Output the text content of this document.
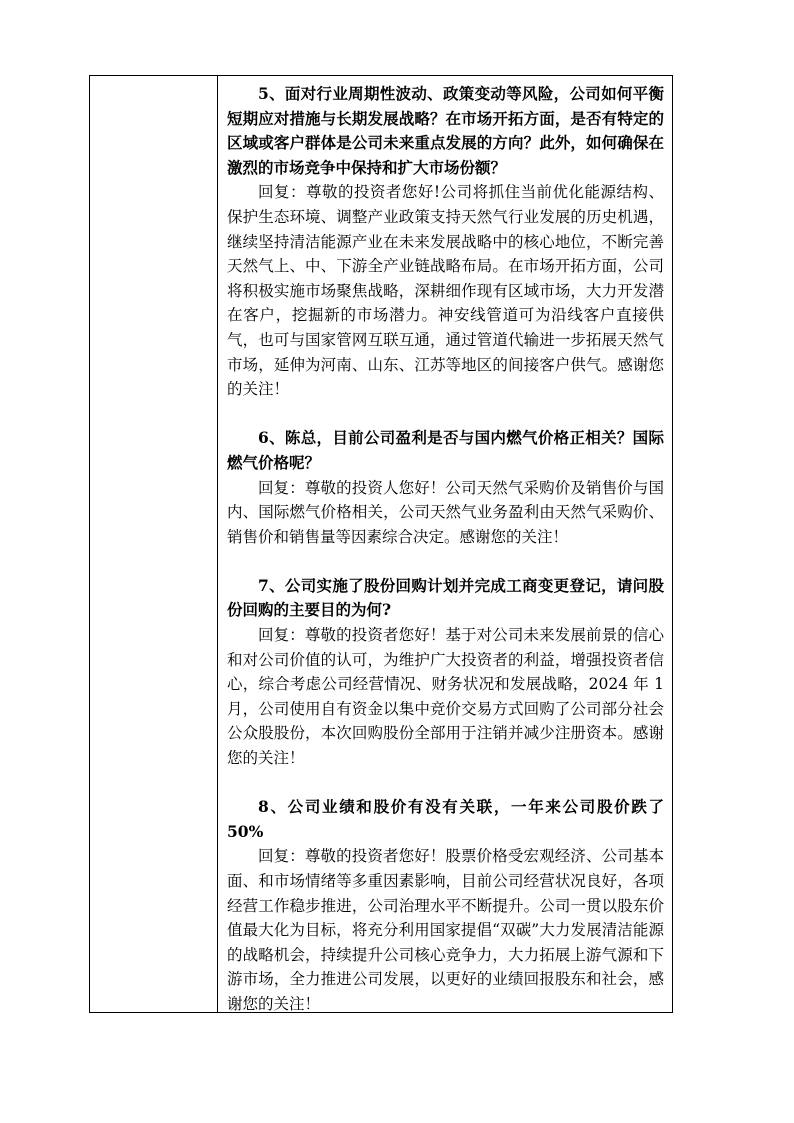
5、面对行业周期性波动、政策变动等风险，公司如何平衡短期应对措施与长期发展战略？在市场开拓方面，是否有特定的区域或客户群体是公司未来重点发展的方向？此外，如何确保在激烈的市场竞争中保持和扩大市场份额？

回复：尊敬的投资者您好!公司将抓住当前优化能源结构、保护生态环境、调整产业政策支持天然气行业发展的历史机遇，继续坚持清洁能源产业在未来发展战略中的核心地位，不断完善天然气上、中、下游全产业链战略布局。在市场开拓方面，公司将积极实施市场聚焦战略，深耕细作现有区域市场，大力开发潜在客户，挖掘新的市场潜力。神安线管道可为沿线客户直接供气，也可与国家管网互联互通，通过管道代输进一步拓展天然气市场，延伸为河南、山东、江苏等地区的间接客户供气。感谢您的关注！

6、陈总，目前公司盈利是否与国内燃气价格正相关？国际燃气价格呢？

回复：尊敬的投资人您好！公司天然气采购价及销售价与国内、国际燃气价格相关，公司天然气业务盈利由天然气采购价、销售价和销售量等因素综合决定。感谢您的关注！

7、公司实施了股份回购计划并完成工商变更登记，请问股份回购的主要目的为何?

回复：尊敬的投资者您好！基于对公司未来发展前景的信心和对公司价值的认可，为维护广大投资者的利益，增强投资者信心，综合考虑公司经营情况、财务状况和发展战略，2024 年 1 月，公司使用自有资金以集中竞价交易方式回购了公司部分社会公众股股份，本次回购股份全部用于注销并减少注册资本。感谢您的关注！

8、公司业绩和股价有没有关联，一年来公司股价跌了 50%

回复：尊敬的投资者您好！股票价格受宏观经济、公司基本面、和市场情绪等多重因素影响，目前公司经营状况良好，各项经营工作稳步推进，公司治理水平不断提升。公司一贯以股东价值最大化为目标，将充分利用国家提倡“双碳”大力发展清洁能源的战略机会，持续提升公司核心竞争力，大力拓展上游气源和下游市场，全力推进公司发展，以更好的业绩回报股东和社会，感谢您的关注！
